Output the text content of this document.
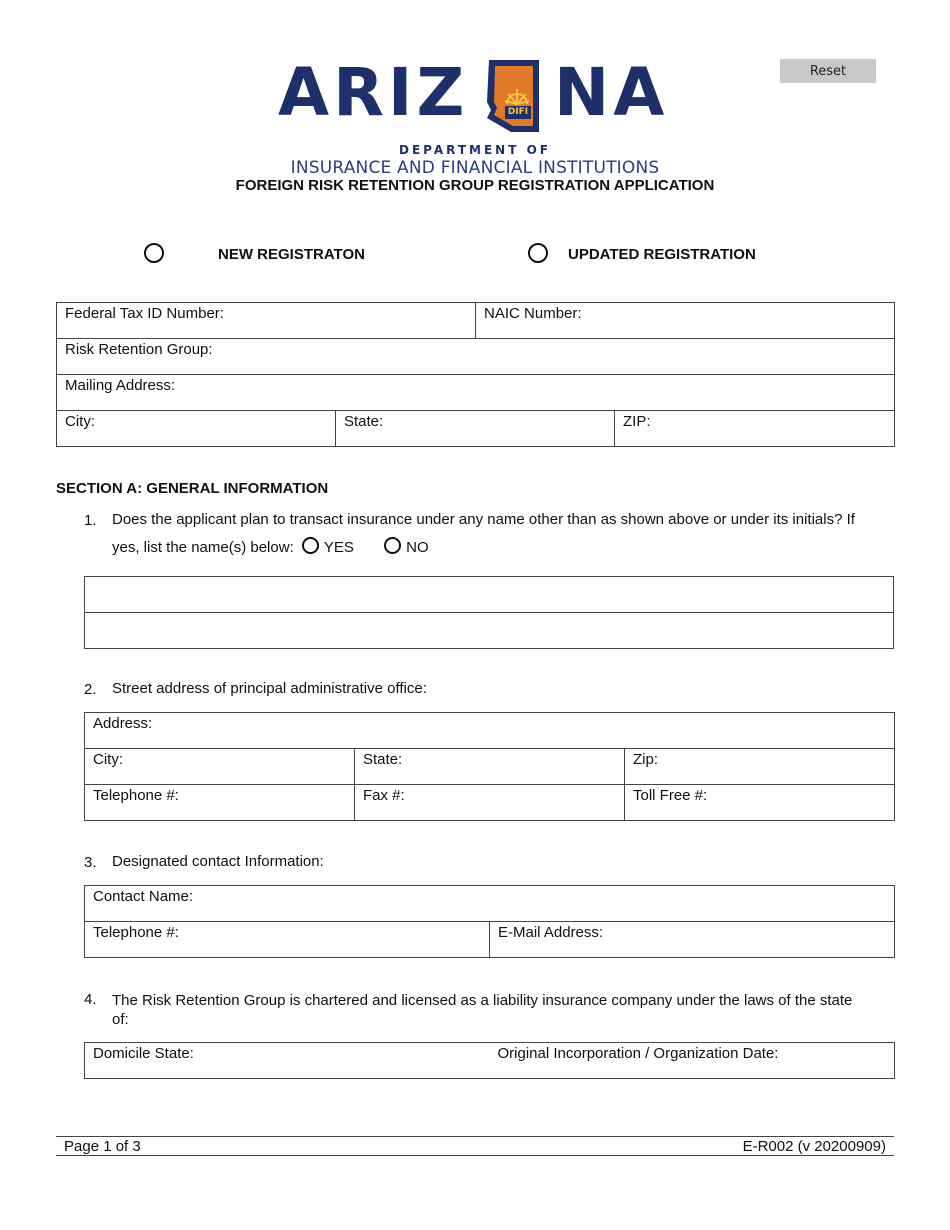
Reset
ARIZ	DIFI NA
DEPARTMENT OF
INSURANCE AND FINANCIAL INSTITUTIONS
FOREIGN RISK RETENTION GROUP REGISTRATION APPLICATION
NEW REGISTRATON	UPDATED REGISTRATION
Federal Tax ID Number:		NAIC Number:	

Risk Retention Group:			

Mailing Address:			

City:	State:		ZIP:
SECTION A: GENERAL INFORMATION
1. Does the applicant plan to transact insurance under any name other than as shown above or under its initials? If
yes, list the name(s) below: YES	NO

2. Street address of principal administrative office:
Address:		

City:	State:	Zip:

Telephone #:	Fax #:	Toll Free #:
3. Designated contact Information:
Contact Name:

Telephone #:	E-Mail Address:
4. The Risk Retention Group is chartered and licensed as a liability insurance company under the laws of the state
of:
Domicile State:	Original Incorporation / Organization Date:
Page 1 of 3	E-R002 (v 20200909)
